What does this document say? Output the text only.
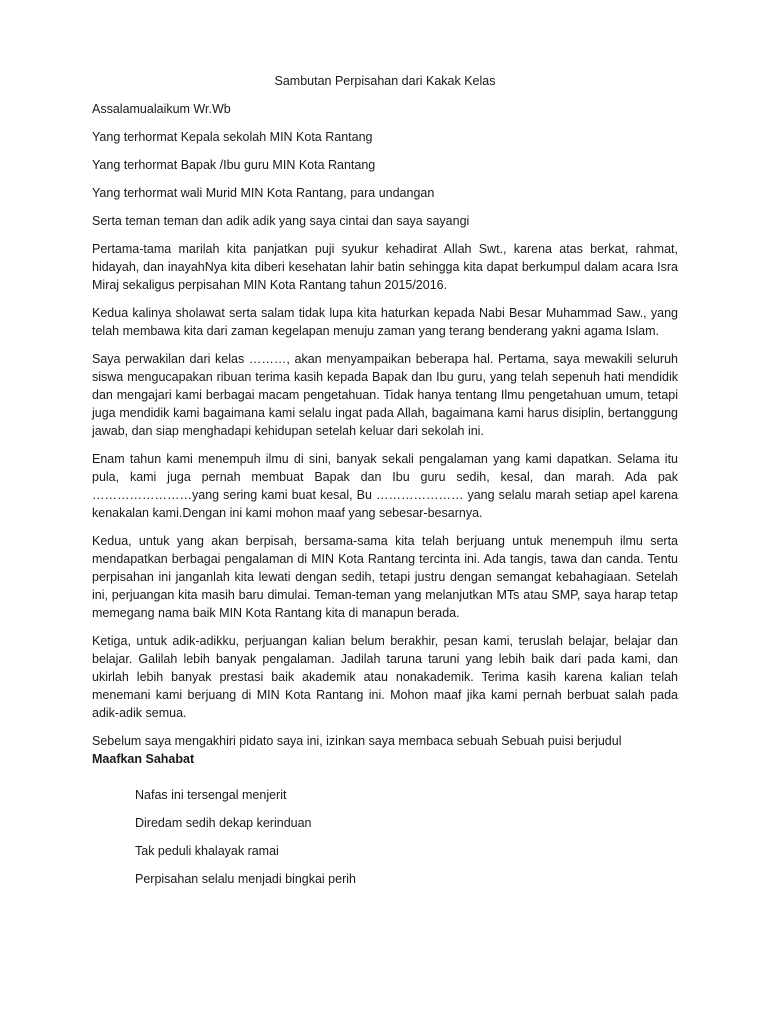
Sambutan Perpisahan dari Kakak Kelas
Assalamualaikum Wr.Wb
Yang terhormat Kepala sekolah MIN Kota Rantang
Yang terhormat Bapak /Ibu guru MIN Kota Rantang
Yang terhormat wali Murid MIN Kota Rantang, para undangan
Serta teman teman dan adik adik yang saya cintai dan saya sayangi
Pertama-tama marilah kita panjatkan puji syukur kehadirat Allah Swt., karena atas berkat, rahmat, hidayah, dan inayahNya kita diberi kesehatan lahir batin sehingga kita dapat berkumpul dalam acara Isra Miraj sekaligus perpisahan MIN Kota Rantang tahun 2015/2016.
Kedua kalinya sholawat serta salam tidak lupa kita haturkan kepada Nabi Besar Muhammad Saw., yang telah membawa kita dari zaman kegelapan menuju zaman yang terang benderang yakni agama Islam.
Saya perwakilan dari kelas ………, akan menyampaikan beberapa hal. Pertama, saya mewakili seluruh siswa mengucapakan ribuan terima kasih kepada Bapak dan Ibu guru, yang telah sepenuh hati mendidik dan mengajari kami berbagai macam pengetahuan. Tidak hanya tentang Ilmu pengetahuan umum, tetapi juga mendidik kami bagaimana kami selalu ingat pada Allah, bagaimana kami harus disiplin, bertanggung jawab, dan siap menghadapi kehidupan setelah keluar dari sekolah ini.
Enam tahun kami menempuh ilmu di sini, banyak sekali pengalaman yang kami dapatkan. Selama itu pula, kami juga pernah membuat Bapak dan Ibu guru sedih, kesal, dan marah. Ada pak ……………………yang sering kami buat kesal, Bu ………………… yang selalu marah setiap apel karena kenakalan kami.Dengan ini kami mohon maaf yang sebesar-besarnya.
Kedua, untuk yang akan berpisah, bersama-sama kita telah berjuang untuk menempuh ilmu serta mendapatkan berbagai pengalaman di MIN Kota Rantang tercinta ini. Ada tangis, tawa dan canda. Tentu perpisahan ini janganlah kita lewati dengan sedih, tetapi justru dengan semangat kebahagiaan. Setelah ini, perjuangan kita masih baru dimulai. Teman-teman yang melanjutkan MTs atau SMP, saya harap tetap memegang nama baik MIN Kota Rantang kita di manapun berada.
Ketiga, untuk adik-adikku, perjuangan kalian belum berakhir, pesan kami, teruslah belajar, belajar dan belajar. Galilah lebih banyak pengalaman. Jadilah taruna taruni yang lebih baik dari pada kami, dan ukirlah lebih banyak prestasi baik akademik atau nonakademik. Terima kasih karena kalian telah menemani kami berjuang di MIN Kota Rantang ini. Mohon maaf jika kami pernah berbuat salah pada adik-adik semua.
Sebelum saya mengakhiri pidato saya ini, izinkan saya membaca sebuah Sebuah puisi berjudul
Maafkan Sahabat
Nafas ini tersengal menjerit
Diredam sedih dekap kerinduan
Tak peduli khalayak ramai
Perpisahan selalu menjadi bingkai perih
